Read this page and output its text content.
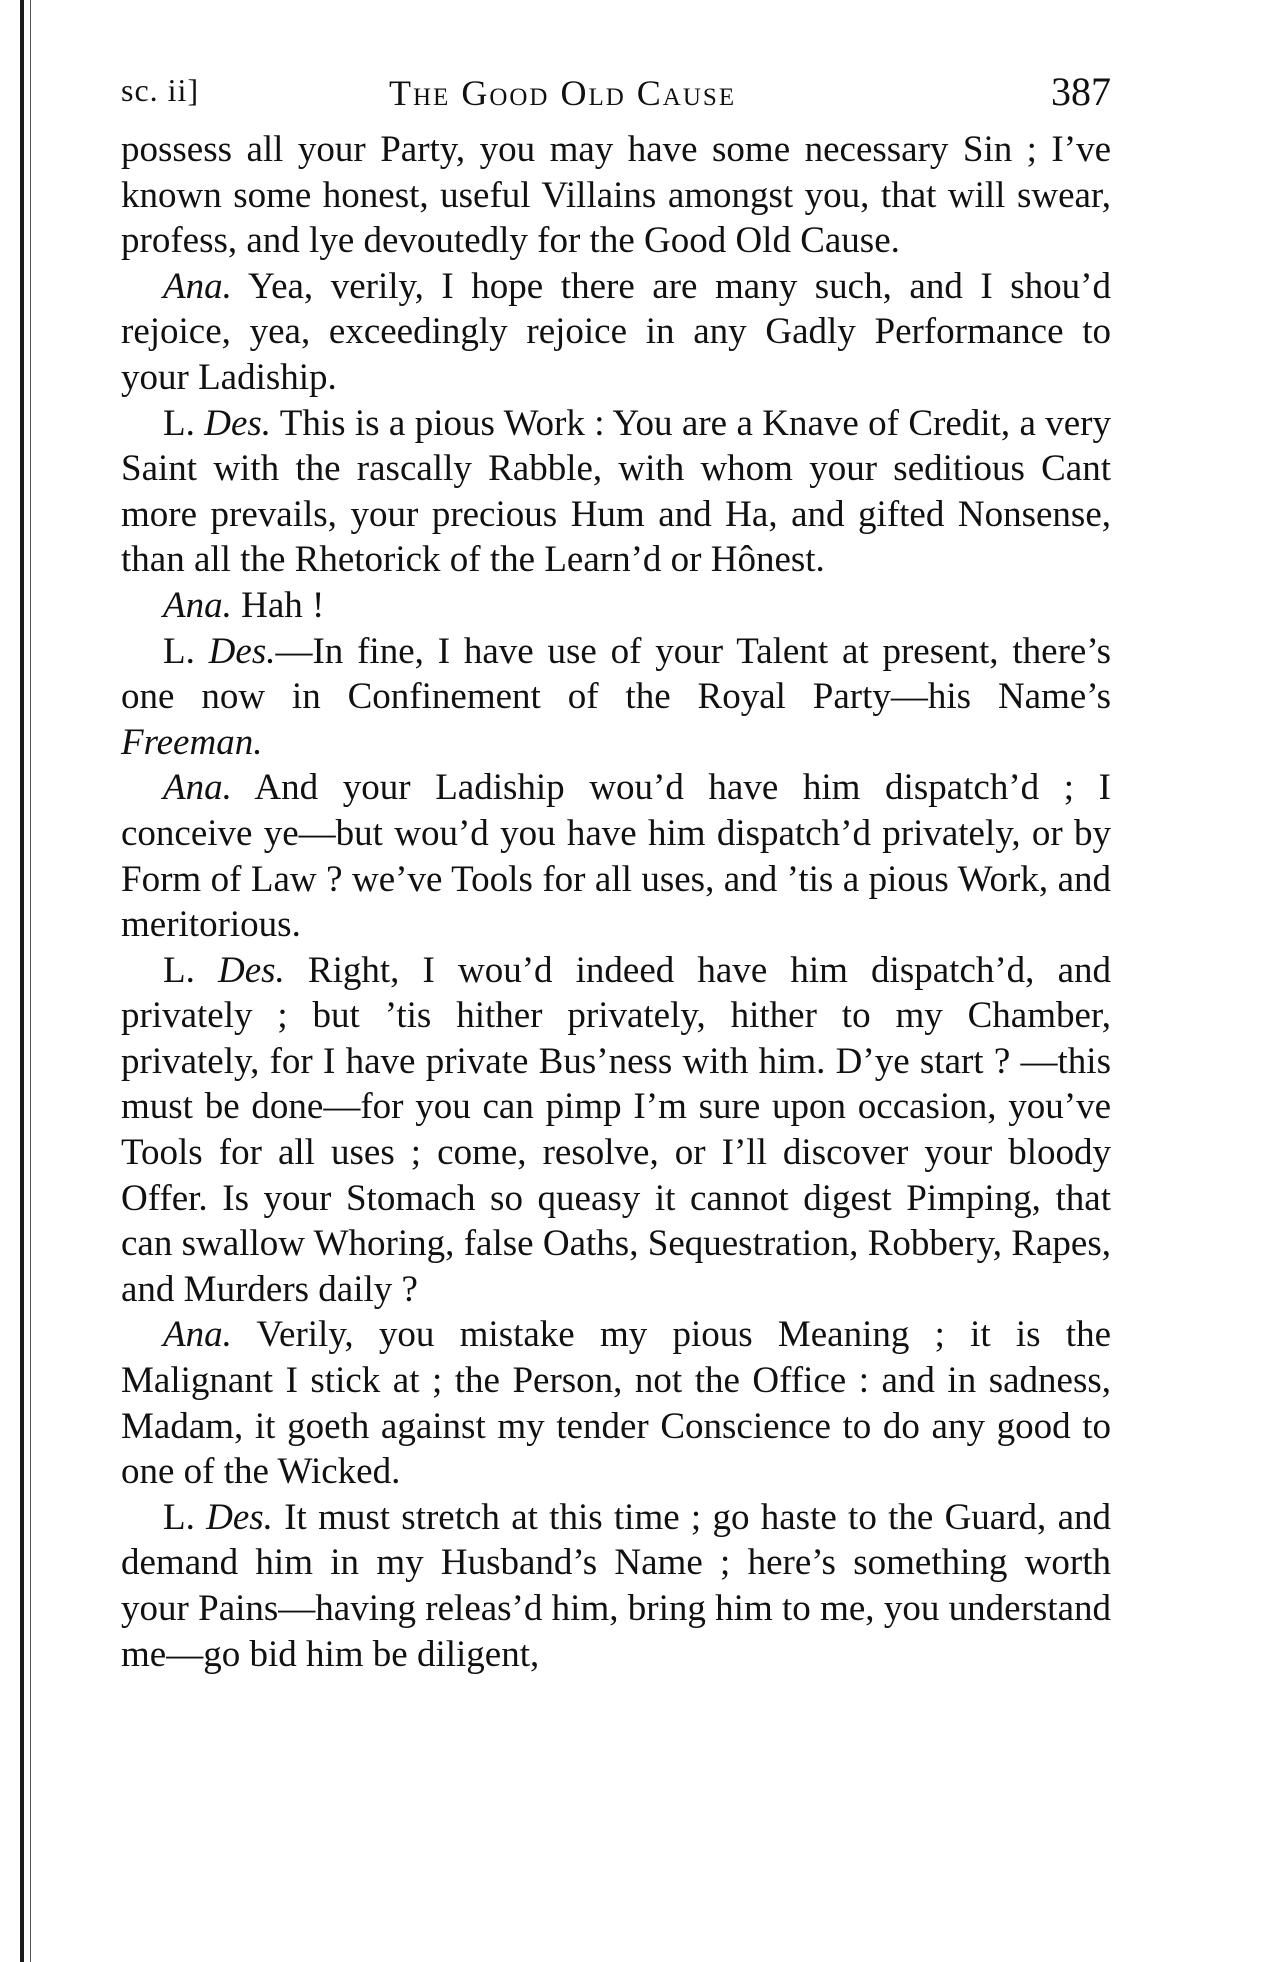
sc. ii]	The Good Old Cause	387

possess all your Party, you may have some necessary Sin ; I’ve known some honest, useful Villains amongst you, that will swear, profess, and lye devoutedly for the Good Old Cause.

Ana. Yea, verily, I hope there are many such, and I shou’d rejoice, yea, exceedingly rejoice in any Gadly Performance to your Ladiship.

L. Des. This is a pious Work : You are a Knave of Credit, a very Saint with the rascally Rabble, with whom your seditious Cant more prevails, your precious Hum and Ha, and gifted Nonsense, than all the Rhetorick of the Learn’d or Hônest.

Ana. Hah !

L. Des.—In fine, I have use of your Talent at present, there’s one now in Confinement of the Royal Party—his Name’s Freeman.

Ana. And your Ladiship wou’d have him dispatch’d ; I conceive ye—but wou’d you have him dispatch’d privately, or by Form of Law ? we’ve Tools for all uses, and ’tis a pious Work, and meritorious.

L. Des. Right, I wou’d indeed have him dispatch’d, and privately ; but ’tis hither privately, hither to my Chamber, privately, for I have private Bus’ness with him. D’ye start ? —this must be done—for you can pimp I’m sure upon occasion, you’ve Tools for all uses ; come, resolve, or I’ll discover your bloody Offer. Is your Stomach so queasy it cannot digest Pimping, that can swallow Whoring, false Oaths, Sequestration, Robbery, Rapes, and Murders daily ?

Ana. Verily, you mistake my pious Meaning ; it is the Malignant I stick at ; the Person, not the Office : and in sadness, Madam, it goeth against my tender Conscience to do any good to one of the Wicked.

L. Des. It must stretch at this time ; go haste to the Guard, and demand him in my Husband’s Name ; here’s something worth your Pains—having releas’d him, bring him to me, you understand me—go bid him be diligent,
